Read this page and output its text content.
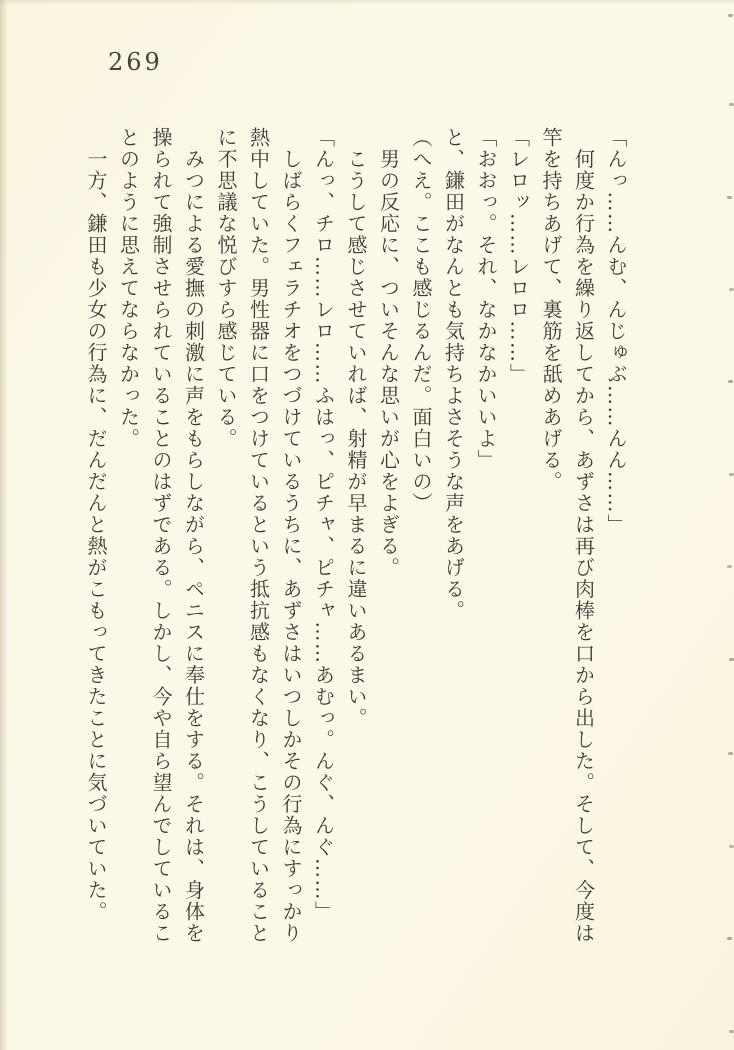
269

「んっ……んむ、んじゅぶ……んん……」

　何度か行為を繰り返してから、あずさは再び肉棒を口から出した。そして、今度は竿を持ちあげて、裏筋を舐めあげる。

「レロッ……レロロ……」

「おおっ。それ、なかなかいいよ」

と、鎌田がなんとも気持ちよさそうな声をあげる。

（へえ。ここも感じるんだ。面白いの）

　男の反応に、ついそんな思いが心をよぎる。

　こうして感じさせていれば、射精が早まるに違いあるまい。

「んっ、チロ……レロ……ふはっ、ピチャ、ピチャ……あむっ。んぐ、んぐ……」

　しばらくフェラチオをつづけているうちに、あずさはいつしかその行為にすっかり熱中していた。男性器に口をつけているという抵抗感もなくなり、こうしていることに不思議な悦びすら感じている。

　みつによる愛撫の刺激に声をもらしながら、ペニスに奉仕をする。それは、身体を操られて強制させられていることのはずである。しかし、今や自ら望んでしていることのように思えてならなかった。

　一方、鎌田も少女の行為に、だんだんと熱がこもってきたことに気づいていた。
